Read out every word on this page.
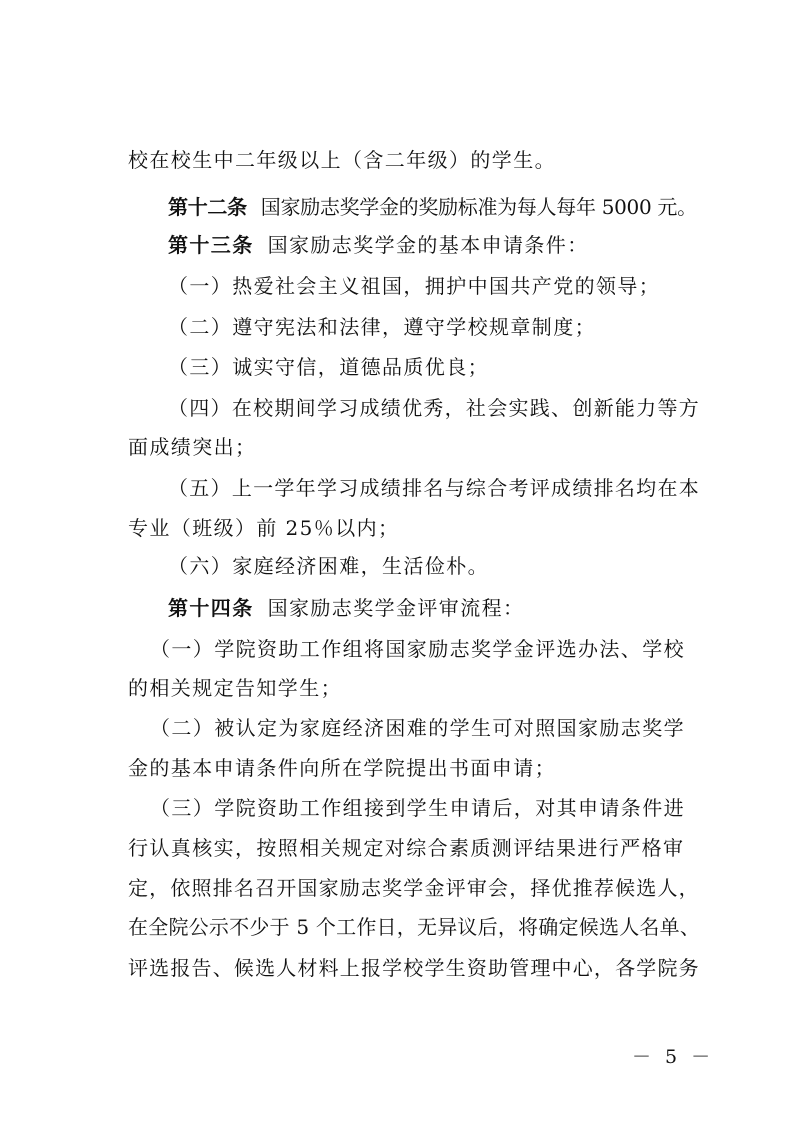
校在校生中二年级以上（含二年级）的学生。
第十二条 国家励志奖学金的奖励标准为每人每年 5000 元。
第十三条 国家励志奖学金的基本申请条件：
（一）热爱社会主义祖国，拥护中国共产党的领导；
（二）遵守宪法和法律，遵守学校规章制度；
（三）诚实守信，道德品质优良；
（四）在校期间学习成绩优秀，社会实践、创新能力等方
面成绩突出；
（五）上一学年学习成绩排名与综合考评成绩排名均在本
专业（班级）前 25％以内；
（六）家庭经济困难，生活俭朴。
第十四条 国家励志奖学金评审流程：
（一）学院资助工作组将国家励志奖学金评选办法、学校
的相关规定告知学生；
（二）被认定为家庭经济困难的学生可对照国家励志奖学
金的基本申请条件向所在学院提出书面申请；
（三）学院资助工作组接到学生申请后，对其申请条件进
行认真核实，按照相关规定对综合素质测评结果进行严格审
定，依照排名召开国家励志奖学金评审会，择优推荐候选人，
在全院公示不少于 5 个工作日，无异议后，将确定候选人名单、
评选报告、候选人材料上报学校学生资助管理中心，各学院务
－ 5 －
